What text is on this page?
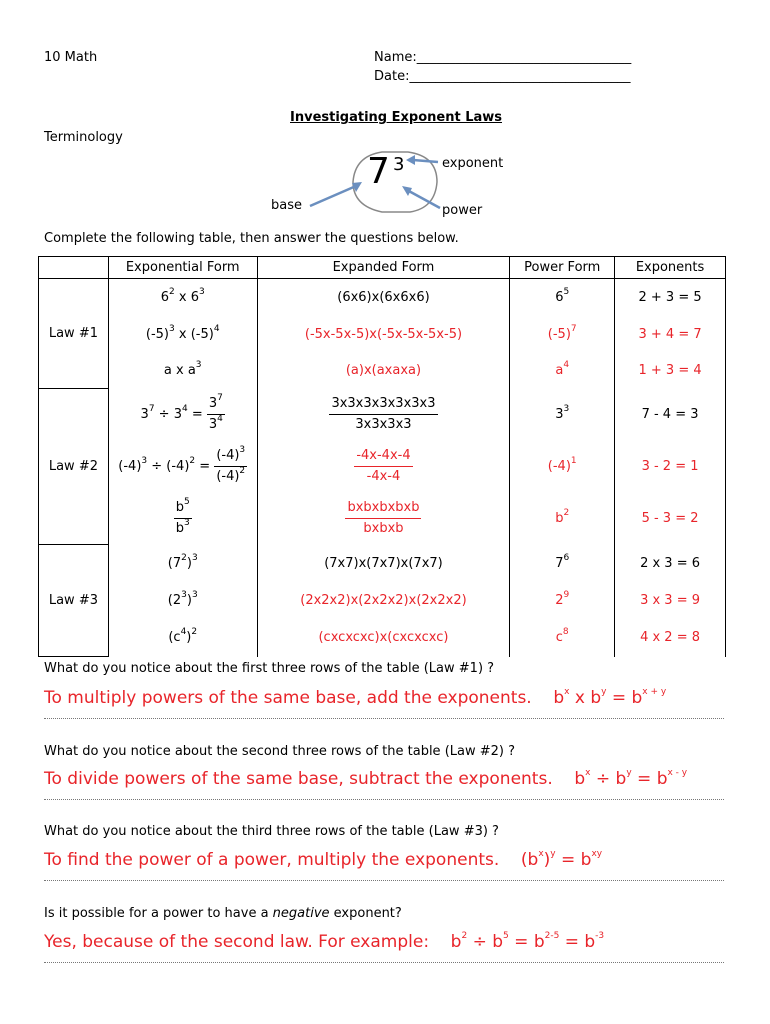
10 Math	Name:_________________________________
Date:__________________________________
Investigating Exponent Laws
Terminology
7 3	exponent
base	power
Complete the following table, then answer the questions below.
	Exponential Form	Expanded Form	Power Form	Exponents
Law #1	$6^2$ x $6^3$	(6x6)x(6x6x6)	$6^5$	2 + 3 = 5
	$(-5)^3$ x $(-5)^4$	(-5x-5x-5)x(-5x-5x-5x-5)	$(-5)^7$	3 + 4 = 7
	a x $a^3$	(a)x(axaxa)	$a^4$	1 + 3 = 4
Law #2	$3^7 \div 3^4 = \frac{3^7}{3^4}$	$\frac{3x3x3x3x3x3x3}{3x3x3x3}$	$3^3$	7 - 4 = 3
	$(-4)^3 \div (-4)^2 = \frac{(-4)^3}{(-4)^2}$	$\frac{-4x-4x-4}{-4x-4}$	$(-4)^1$	3 - 2 = 1

	$\frac{b^5}{b^3}$	$\frac{\text{bxbxbxbxb}}{\text{bxbxb}}$	$b^2$	5 - 3 = 2
Law #3	$(7^2)^3$	(7x7)x(7x7)x(7x7)	$7^6$	2 x 3 = 6
	$(2^3)^3$	(2x2x2)x(2x2x2)x(2x2x2)	$2^9$	3 x 3 = 9
	$(c^4)^2$	(cxcxcxc)x(cxcxcxc)	$c^8$	4 x 2 = 8
What do you notice about the first three rows of the table (Law #1) ?
To multiply powers of the same base, add the exponents.    $b^x$ x $b^y = b^{x + y}$
What do you notice about the second three rows of the table (Law #2) ?
To divide powers of the same base, subtract the exponents.    $b^x \div b^y = b^{x - y}$
What do you notice about the third three rows of the table (Law #3) ?
To find the power of a power, multiply the exponents.    $(b^x)^y = b^{xy}$
Is it possible for a power to have a negative exponent?
Yes, because of the second law. For example:    $b^2 \div b^5 = b^{2-5} = b^{-3}$
